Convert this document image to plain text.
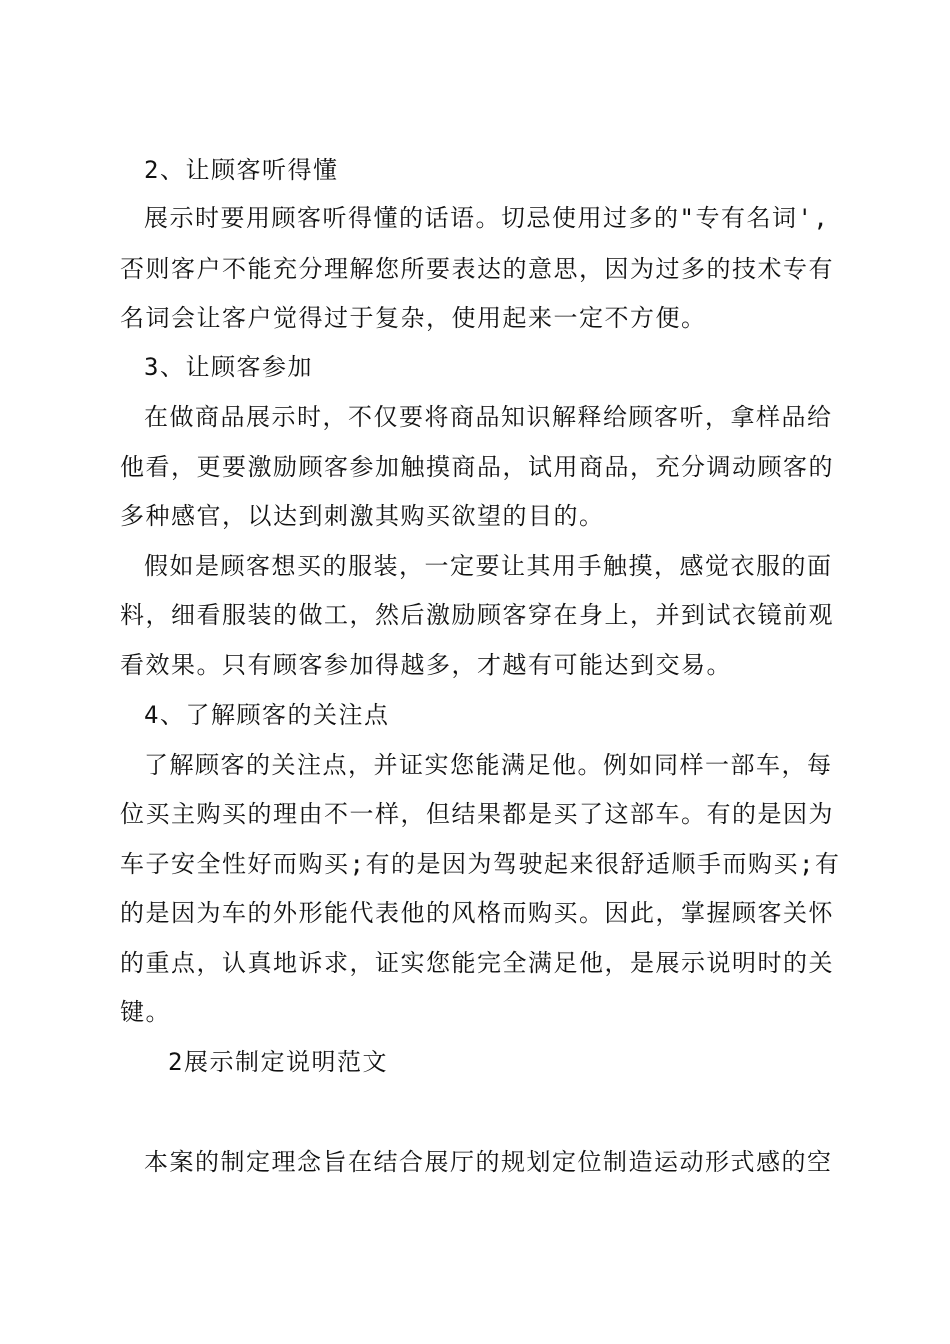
2、让顾客听得懂
展示时要用顾客听得懂的话语。切忌使用过多的"专有名词',
否则客户不能充分理解您所要表达的意思，因为过多的技术专有
名词会让客户觉得过于复杂，使用起来一定不方便。
3、让顾客参加
在做商品展示时，不仅要将商品知识解释给顾客听，拿样品给
他看，更要激励顾客参加触摸商品，试用商品，充分调动顾客的
多种感官，以达到刺激其购买欲望的目的。
假如是顾客想买的服装，一定要让其用手触摸，感觉衣服的面
料，细看服装的做工，然后激励顾客穿在身上，并到试衣镜前观
看效果。只有顾客参加得越多，才越有可能达到交易。
4、了解顾客的关注点
了解顾客的关注点，并证实您能满足他。例如同样一部车，每
位买主购买的理由不一样，但结果都是买了这部车。有的是因为
车子安全性好而购买;有的是因为驾驶起来很舒适顺手而购买;有
的是因为车的外形能代表他的风格而购买。因此，掌握顾客关怀
的重点，认真地诉求，证实您能完全满足他，是展示说明时的关
键。
2展示制定说明范文
本案的制定理念旨在结合展厅的规划定位制造运动形式感的空
